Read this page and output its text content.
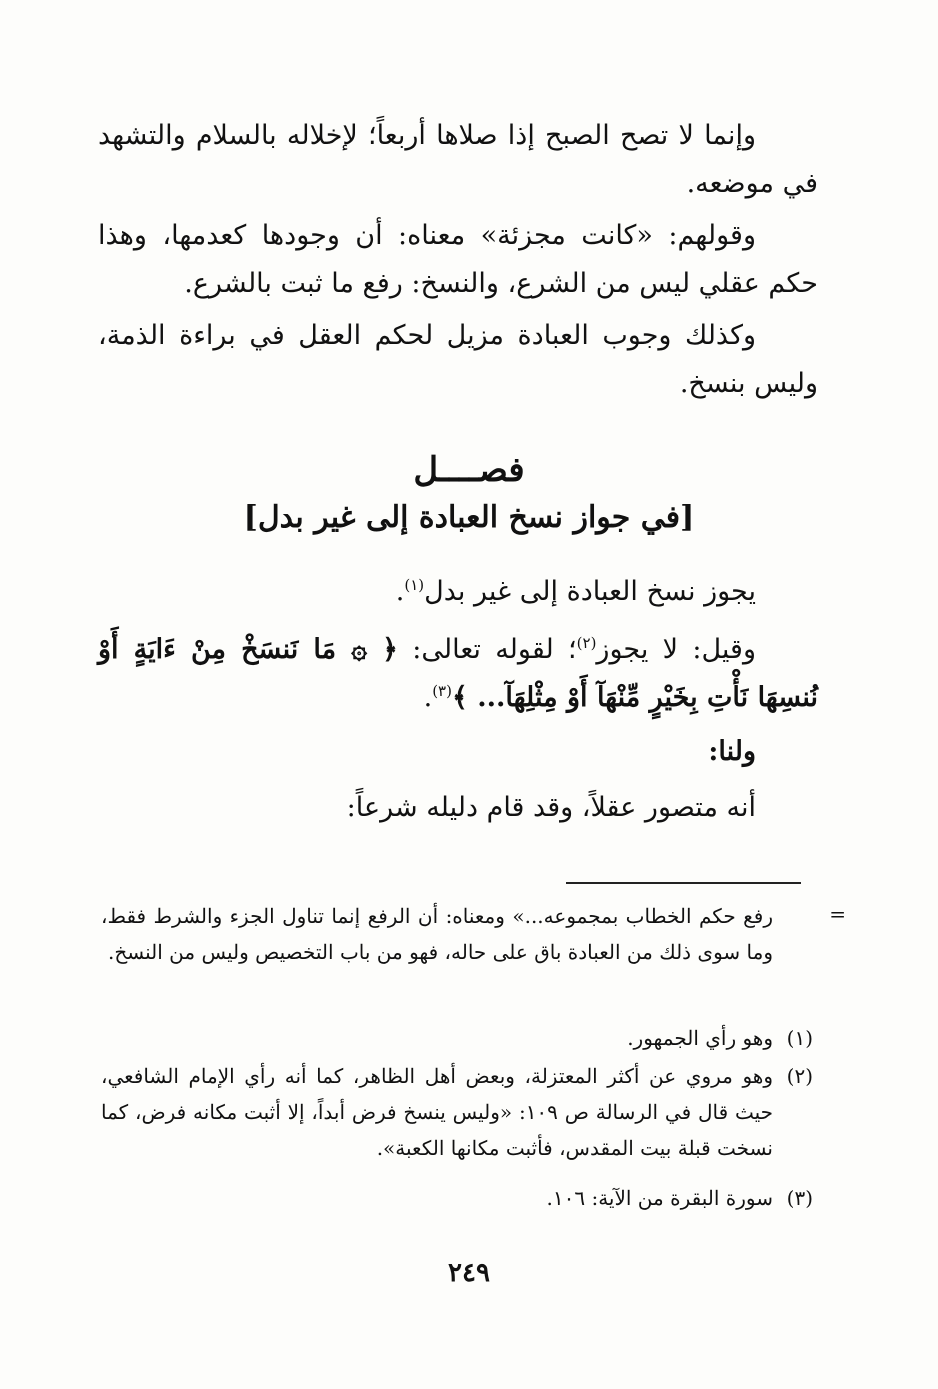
وإنما لا تصح الصبح إذا صلاها أربعاً؛ لإخلاله بالسلام والتشهد في موضعه.
وقولهم: «كانت مجزئة» معناه: أن وجودها كعدمها، وهذا حكم عقلي ليس من الشرع، والنسخ: رفع ما ثبت بالشرع.
وكذلك وجوب العبادة مزيل لحكم العقل في براءة الذمة، وليس بنسخ.
فصــــل
[في جواز نسخ العبادة إلى غير بدل]
يجوز نسخ العبادة إلى غير بدل$^{(١)}$.
وقيل: لا يجوز$^{(٢)}$؛ لقوله تعالى: ﴿ ۞ مَا نَنسَخْ مِنْ ءَايَةٍ أَوْ نُنسِهَا نَأْتِ بِخَيْرٍ مِّنْهَآ أَوْ مِثْلِهَآ... ﴾$^{(٣)}$.
ولنا:
أنه متصور عقلاً، وقد قام دليله شرعاً:
=
رفع حكم الخطاب بمجموعه...» ومعناه: أن الرفع إنما تناول الجزء والشرط فقط، وما سوى ذلك من العبادة باق على حاله، فهو من باب التخصيص وليس من النسخ.
(١)
وهو رأي الجمهور.
(٢)
وهو مروي عن أكثر المعتزلة، وبعض أهل الظاهر، كما أنه رأي الإمام الشافعي، حيث قال في الرسالة ص ١٠٩: «وليس ينسخ فرض أبداً، إلا أثبت مكانه فرض، كما نسخت قبلة بيت المقدس، فأثبت مكانها الكعبة».
(٣)
سورة البقرة من الآية: ١٠٦.
٢٤٩
